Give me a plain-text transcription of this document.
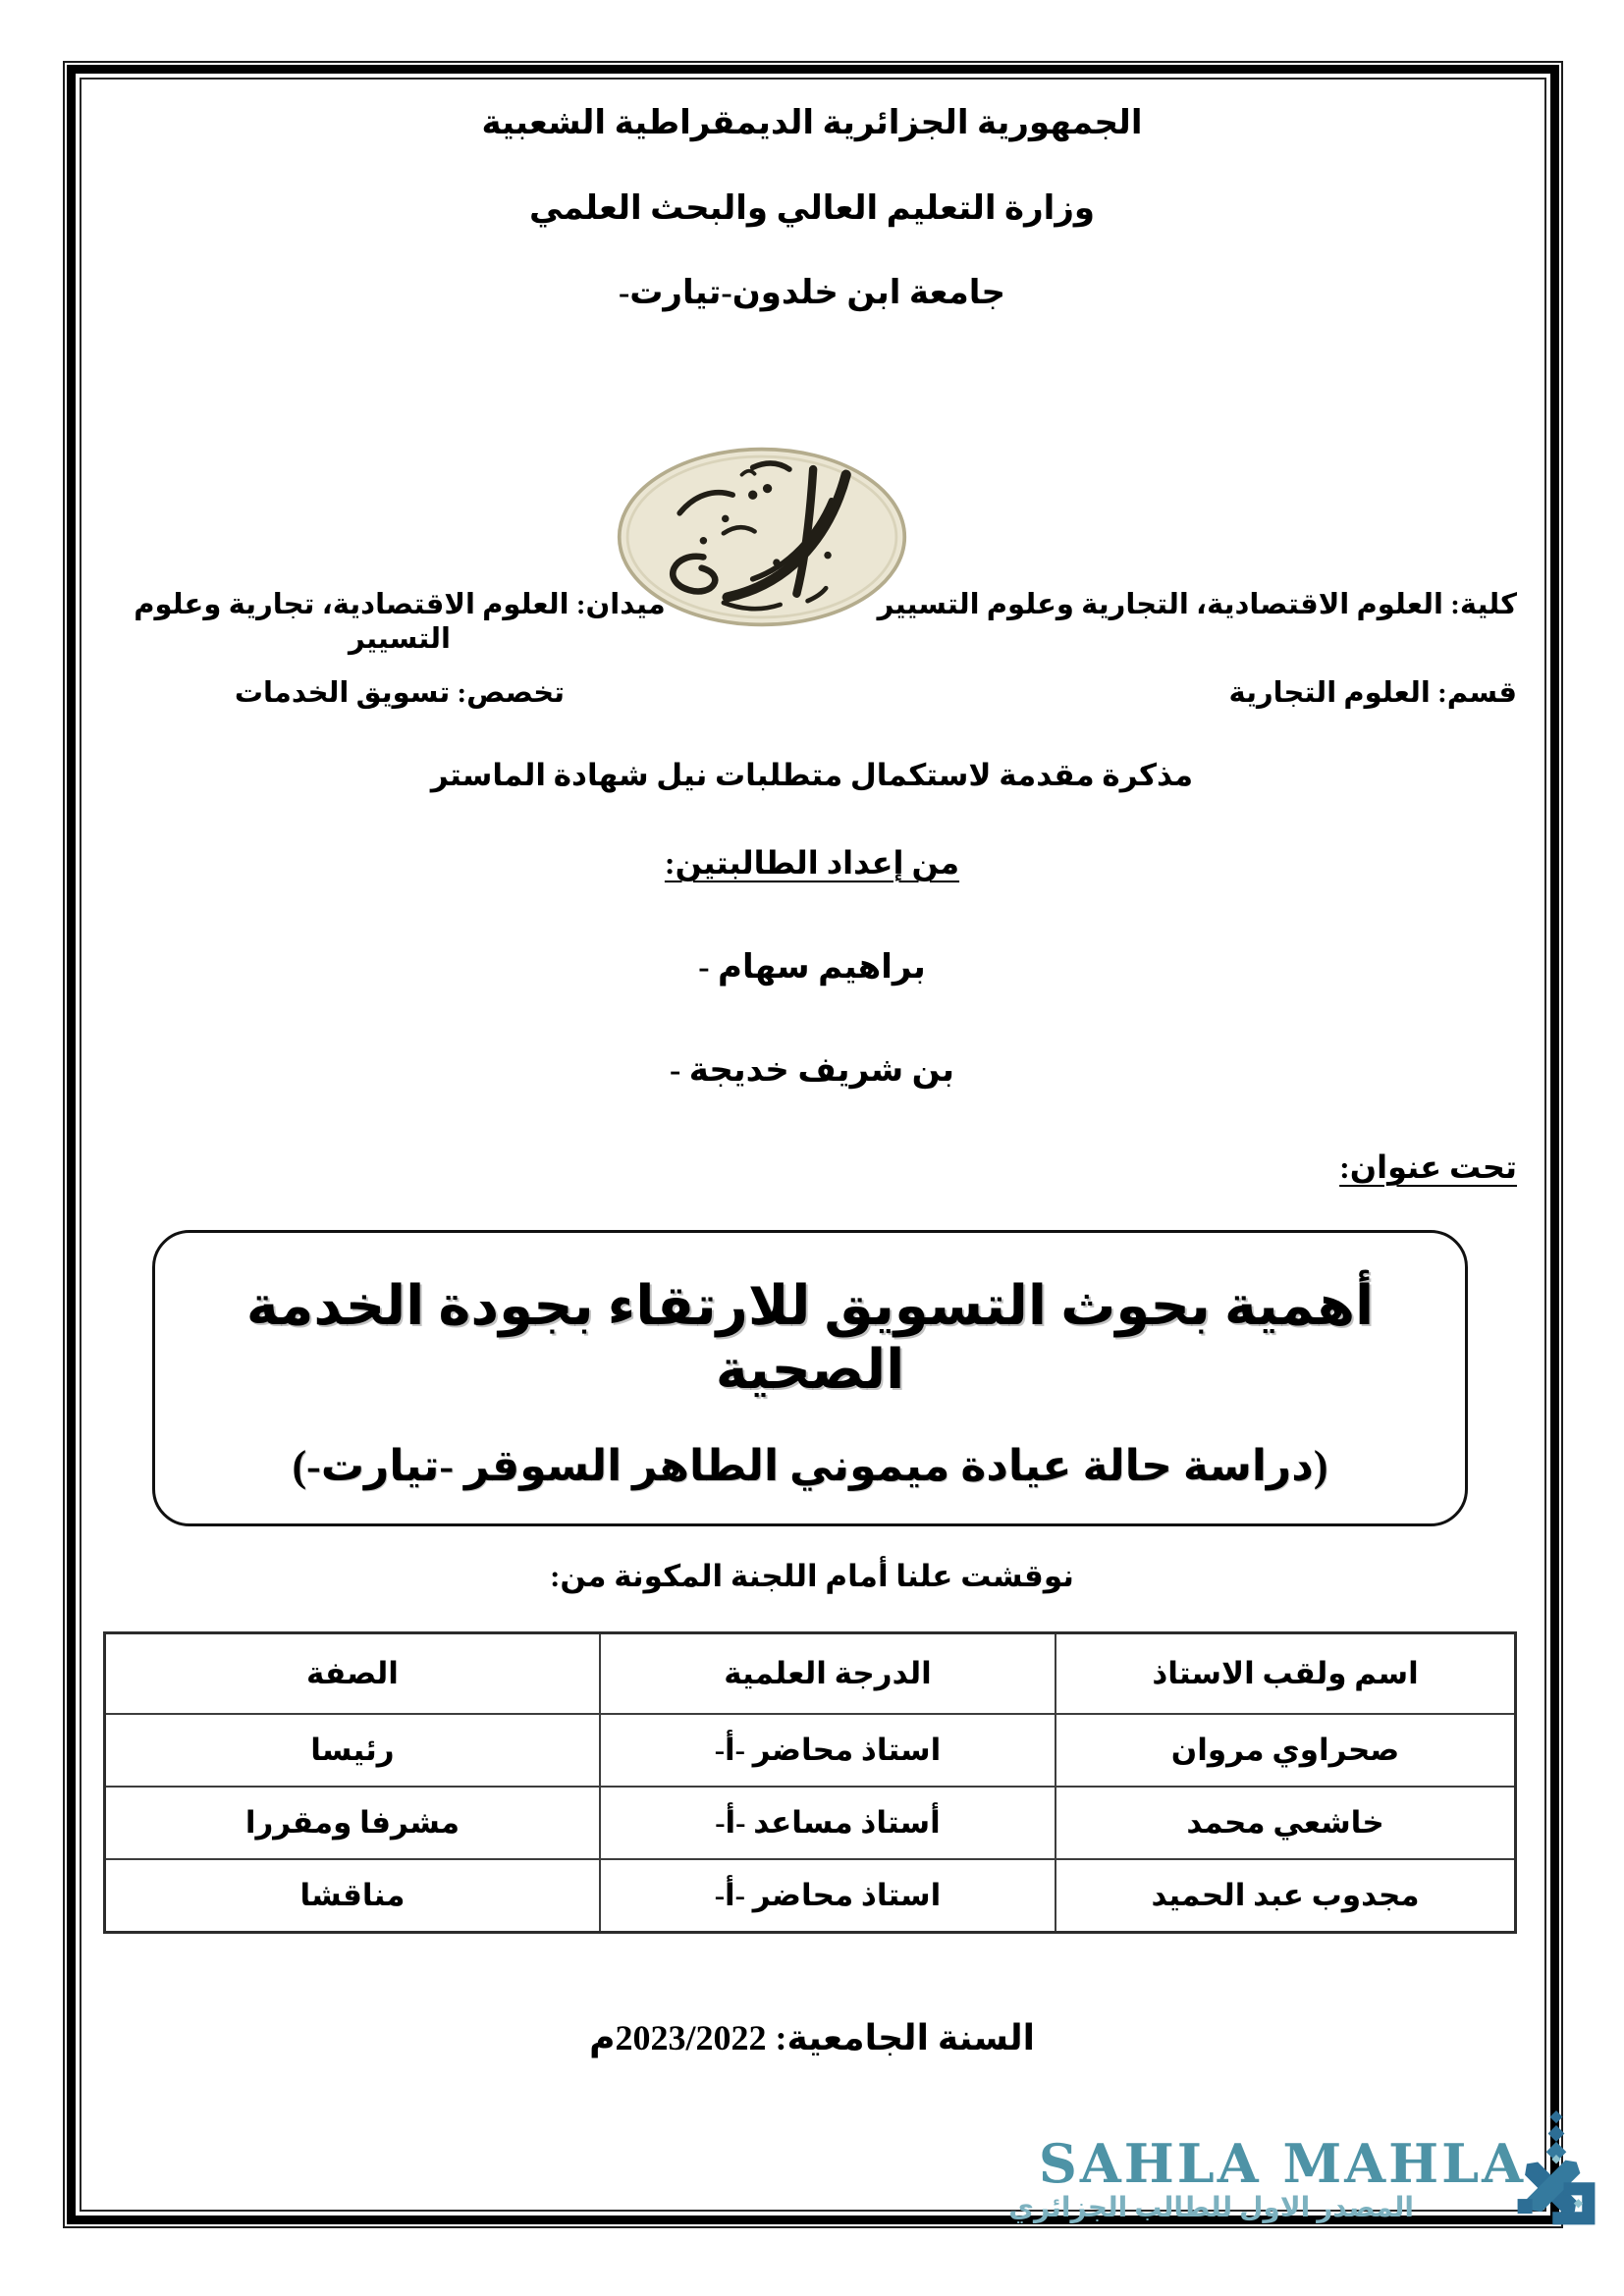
الجمهورية الجزائرية الديمقراطية الشعبية
وزارة التعليم العالي والبحث العلمي
جامعة ابن خلدون-تيارت-
كلية: العلوم الاقتصادية، التجارية وعلوم التسيير
قسم: العلوم التجارية
ميدان: العلوم الاقتصادية، تجارية وعلوم التسيير
تخصص: تسويق الخدمات
مذكرة مقدمة لاستكمال متطلبات نيل شهادة الماستر
من إعداد الطالبتين:
- براهيم سهام
- بن شريف خديجة
تحت عنوان:
أهمية بحوث التسويق للارتقاء بجودة الخدمة الصحية
(دراسة حالة عيادة ميموني الطاهر السوقر -تيارت-)
نوقشت علنا أمام اللجنة المكونة من:
اسم ولقب الاستاذ	الدرجة العلمية	الصفة
صحراوي مروان	استاذ محاضر -أ-	رئيسا
خاشعي محمد	أستاذ مساعد -أ-	مشرفا ومقررا
مجدوب عبد الحميد	استاذ محاضر -أ-	مناقشا
السنة الجامعية: 2023/2022م
SAHLA MAHLA
المصدر الاول للطالب الجزائري
